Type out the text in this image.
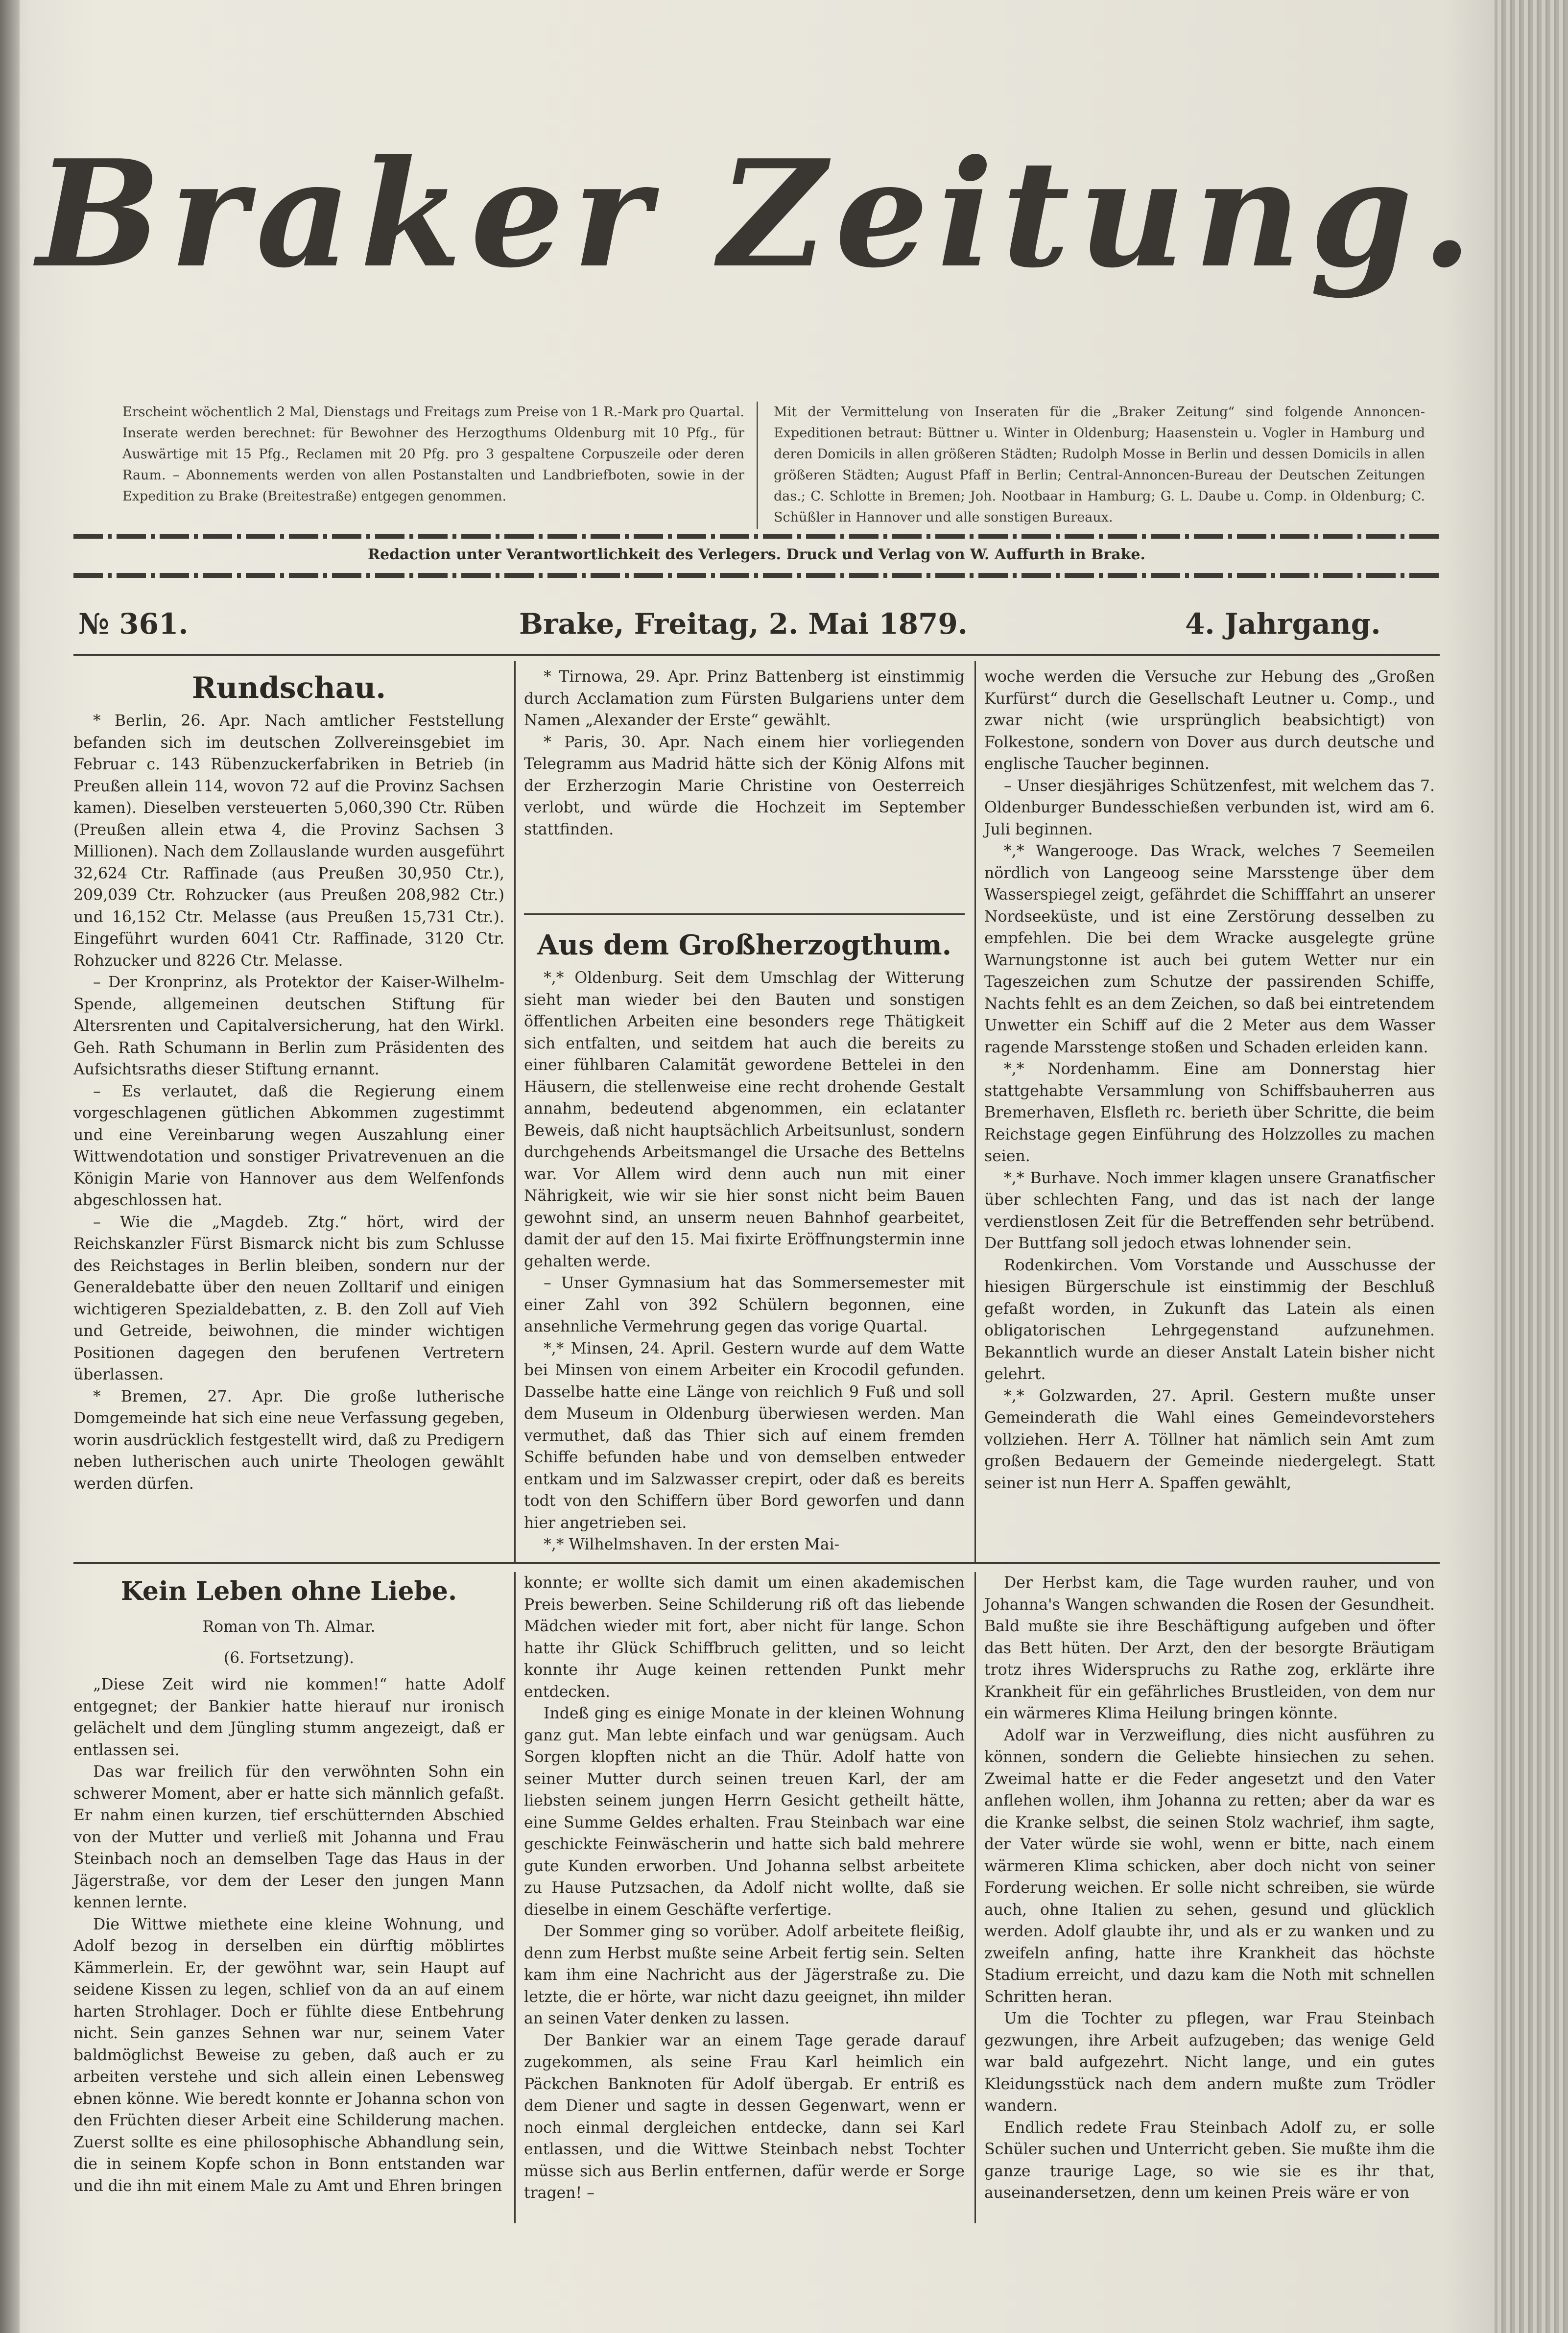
Braker Zeitung.
Erscheint wöchentlich 2 Mal, Dienstags und Freitags zum Preise von 1 R.-Mark pro Quartal. Inserate werden berechnet: für Bewohner des Herzogthums Oldenburg mit 10 Pfg., für Auswärtige mit 15 Pfg., Reclamen mit 20 Pfg. pro 3 gespaltene Corpuszeile oder deren Raum. – Abonnements werden von allen Postanstalten und Landbriefboten, sowie in der Expedition zu Brake (Breitestraße) entgegen genommen.
Mit der Vermittelung von Inseraten für die „Braker Zeitung“ sind folgende Annoncen-Expeditionen betraut: Büttner u. Winter in Oldenburg; Haasenstein u. Vogler in Hamburg und deren Domicils in allen größeren Städten; Rudolph Mosse in Berlin und dessen Domicils in allen größeren Städten; August Pfaff in Berlin; Central-Annoncen-Bureau der Deutschen Zeitungen das.; C. Schlotte in Bremen; Joh. Nootbaar in Hamburg; G. L. Daube u. Comp. in Oldenburg; C. Schüßler in Hannover und alle sonstigen Bureaux.
Redaction unter Verantwortlichkeit des Verlegers. Druck und Verlag von W. Auffurth in Brake.
№ 361.	Brake, Freitag, 2. Mai 1879.	4. Jahrgang.

Rundschau.

* Berlin, 26. Apr. Nach amtlicher Feststellung befanden sich im deutschen Zollvereinsgebiet im Februar c. 143 Rübenzuckerfabriken in Betrieb (in Preußen allein 114, wovon 72 auf die Provinz Sachsen kamen). Dieselben versteuerten 5,060,390 Ctr. Rüben (Preußen allein etwa 4, die Provinz Sachsen 3 Millionen). Nach dem Zollauslande wurden ausgeführt 32,624 Ctr. Raffinade (aus Preußen 30,950 Ctr.), 209,039 Ctr. Rohzucker (aus Preußen 208,982 Ctr.) und 16,152 Ctr. Melasse (aus Preußen 15,731 Ctr.). Eingeführt wurden 6041 Ctr. Raffinade, 3120 Ctr. Rohzucker und 8226 Ctr. Melasse.

– Der Kronprinz, als Protektor der Kaiser-Wilhelm-Spende, allgemeinen deutschen Stiftung für Altersrenten und Capitalversicherung, hat den Wirkl. Geh. Rath Schumann in Berlin zum Präsidenten des Aufsichtsraths dieser Stiftung ernannt.

– Es verlautet, daß die Regierung einem vorgeschlagenen gütlichen Abkommen zugestimmt und eine Vereinbarung wegen Auszahlung einer Wittwendotation und sonstiger Privatrevenuen an die Königin Marie von Hannover aus dem Welfenfonds abgeschlossen hat.

– Wie die „Magdeb. Ztg.“ hört, wird der Reichskanzler Fürst Bismarck nicht bis zum Schlusse des Reichstages in Berlin bleiben, sondern nur der Generaldebatte über den neuen Zolltarif und einigen wichtigeren Spezialdebatten, z. B. den Zoll auf Vieh und Getreide, beiwohnen, die minder wichtigen Positionen dagegen den berufenen Vertretern überlassen.

* Bremen, 27. Apr. Die große lutherische Domgemeinde hat sich eine neue Verfassung gegeben, worin ausdrücklich festgestellt wird, daß zu Predigern neben lutherischen auch unirte Theologen gewählt werden dürfen.

* Tirnowa, 29. Apr. Prinz Battenberg ist einstimmig durch Acclamation zum Fürsten Bulgariens unter dem Namen „Alexander der Erste“ gewählt.

* Paris, 30. Apr. Nach einem hier vorliegenden Telegramm aus Madrid hätte sich der König Alfons mit der Erzherzogin Marie Christine von Oesterreich verlobt, und würde die Hochzeit im September stattfinden.

Aus dem Großherzogthum.

*,* Oldenburg. Seit dem Umschlag der Witterung sieht man wieder bei den Bauten und sonstigen öffentlichen Arbeiten eine besonders rege Thätigkeit sich entfalten, und seitdem hat auch die bereits zu einer fühlbaren Calamität gewordene Bettelei in den Häusern, die stellenweise eine recht drohende Gestalt annahm, bedeutend abgenommen, ein eclatanter Beweis, daß nicht hauptsächlich Arbeitsunlust, sondern durchgehends Arbeitsmangel die Ursache des Bettelns war. Vor Allem wird denn auch nun mit einer Nährigkeit, wie wir sie hier sonst nicht beim Bauen gewohnt sind, an unserm neuen Bahnhof gearbeitet, damit der auf den 15. Mai fixirte Eröffnungstermin inne gehalten werde.

– Unser Gymnasium hat das Sommersemester mit einer Zahl von 392 Schülern begonnen, eine ansehnliche Vermehrung gegen das vorige Quartal.

*,* Minsen, 24. April. Gestern wurde auf dem Watte bei Minsen von einem Arbeiter ein Krocodil gefunden. Dasselbe hatte eine Länge von reichlich 9 Fuß und soll dem Museum in Oldenburg überwiesen werden. Man vermuthet, daß das Thier sich auf einem fremden Schiffe befunden habe und von demselben entweder entkam und im Salzwasser crepirt, oder daß es bereits todt von den Schiffern über Bord geworfen und dann hier angetrieben sei.

*,* Wilhelmshaven. In der ersten Mai-

woche werden die Versuche zur Hebung des „Großen Kurfürst“ durch die Gesellschaft Leutner u. Comp., und zwar nicht (wie ursprünglich beabsichtigt) von Folkestone, sondern von Dover aus durch deutsche und englische Taucher beginnen.

– Unser diesjähriges Schützenfest, mit welchem das 7. Oldenburger Bundesschießen verbunden ist, wird am 6. Juli beginnen.

*,* Wangerooge. Das Wrack, welches 7 Seemeilen nördlich von Langeoog seine Marsstenge über dem Wasserspiegel zeigt, gefährdet die Schifffahrt an unserer Nordseeküste, und ist eine Zerstörung desselben zu empfehlen. Die bei dem Wracke ausgelegte grüne Warnungstonne ist auch bei gutem Wetter nur ein Tageszeichen zum Schutze der passirenden Schiffe, Nachts fehlt es an dem Zeichen, so daß bei eintretendem Unwetter ein Schiff auf die 2 Meter aus dem Wasser ragende Marsstenge stoßen und Schaden erleiden kann.

*,* Nordenhamm. Eine am Donnerstag hier stattgehabte Versammlung von Schiffsbauherren aus Bremerhaven, Elsfleth rc. berieth über Schritte, die beim Reichstage gegen Einführung des Holzzolles zu machen seien.

*,* Burhave. Noch immer klagen unsere Granatfischer über schlechten Fang, und das ist nach der lange verdienstlosen Zeit für die Betreffenden sehr betrübend. Der Buttfang soll jedoch etwas lohnender sein.

Rodenkirchen. Vom Vorstande und Ausschusse der hiesigen Bürgerschule ist einstimmig der Beschluß gefaßt worden, in Zukunft das Latein als einen obligatorischen Lehrgegenstand aufzunehmen. Bekanntlich wurde an dieser Anstalt Latein bisher nicht gelehrt.

*,* Golzwarden, 27. April. Gestern mußte unser Gemeinderath die Wahl eines Gemeindevorstehers vollziehen. Herr A. Töllner hat nämlich sein Amt zum großen Bedauern der Gemeinde niedergelegt. Statt seiner ist nun Herr A. Spaffen gewählt,

Kein Leben ohne Liebe.

Roman von Th. Almar.

(6. Fortsetzung).

„Diese Zeit wird nie kommen!“ hatte Adolf entgegnet; der Bankier hatte hierauf nur ironisch gelächelt und dem Jüngling stumm angezeigt, daß er entlassen sei.

Das war freilich für den verwöhnten Sohn ein schwerer Moment, aber er hatte sich männlich gefaßt. Er nahm einen kurzen, tief erschütternden Abschied von der Mutter und verließ mit Johanna und Frau Steinbach noch an demselben Tage das Haus in der Jägerstraße, vor dem der Leser den jungen Mann kennen lernte.

Die Wittwe miethete eine kleine Wohnung, und Adolf bezog in derselben ein dürftig möblirtes Kämmerlein. Er, der gewöhnt war, sein Haupt auf seidene Kissen zu legen, schlief von da an auf einem harten Strohlager. Doch er fühlte diese Entbehrung nicht. Sein ganzes Sehnen war nur, seinem Vater baldmöglichst Beweise zu geben, daß auch er zu arbeiten verstehe und sich allein einen Lebensweg ebnen könne. Wie beredt konnte er Johanna schon von den Früchten dieser Arbeit eine Schilderung machen. Zuerst sollte es eine philosophische Abhandlung sein, die in seinem Kopfe schon in Bonn entstanden war und die ihn mit einem Male zu Amt und Ehren bringen

konnte; er wollte sich damit um einen akademischen Preis bewerben. Seine Schilderung riß oft das liebende Mädchen wieder mit fort, aber nicht für lange. Schon hatte ihr Glück Schiffbruch gelitten, und so leicht konnte ihr Auge keinen rettenden Punkt mehr entdecken.

Indeß ging es einige Monate in der kleinen Wohnung ganz gut. Man lebte einfach und war genügsam. Auch Sorgen klopften nicht an die Thür. Adolf hatte von seiner Mutter durch seinen treuen Karl, der am liebsten seinem jungen Herrn Gesicht getheilt hätte, eine Summe Geldes erhalten. Frau Steinbach war eine geschickte Feinwäscherin und hatte sich bald mehrere gute Kunden erworben. Und Johanna selbst arbeitete zu Hause Putzsachen, da Adolf nicht wollte, daß sie dieselbe in einem Geschäfte verfertige.

Der Sommer ging so vorüber. Adolf arbeitete fleißig, denn zum Herbst mußte seine Arbeit fertig sein. Selten kam ihm eine Nachricht aus der Jägerstraße zu. Die letzte, die er hörte, war nicht dazu geeignet, ihn milder an seinen Vater denken zu lassen.

Der Bankier war an einem Tage gerade darauf zugekommen, als seine Frau Karl heimlich ein Päckchen Banknoten für Adolf übergab. Er entriß es dem Diener und sagte in dessen Gegenwart, wenn er noch einmal dergleichen entdecke, dann sei Karl entlassen, und die Wittwe Steinbach nebst Tochter müsse sich aus Berlin entfernen, dafür werde er Sorge tragen! –

Der Herbst kam, die Tage wurden rauher, und von Johanna's Wangen schwanden die Rosen der Gesundheit. Bald mußte sie ihre Beschäftigung aufgeben und öfter das Bett hüten. Der Arzt, den der besorgte Bräutigam trotz ihres Widerspruchs zu Rathe zog, erklärte ihre Krankheit für ein gefährliches Brustleiden, von dem nur ein wärmeres Klima Heilung bringen könnte.

Adolf war in Verzweiflung, dies nicht ausführen zu können, sondern die Geliebte hinsiechen zu sehen. Zweimal hatte er die Feder angesetzt und den Vater anflehen wollen, ihm Johanna zu retten; aber da war es die Kranke selbst, die seinen Stolz wachrief, ihm sagte, der Vater würde sie wohl, wenn er bitte, nach einem wärmeren Klima schicken, aber doch nicht von seiner Forderung weichen. Er solle nicht schreiben, sie würde auch, ohne Italien zu sehen, gesund und glücklich werden. Adolf glaubte ihr, und als er zu wanken und zu zweifeln anfing, hatte ihre Krankheit das höchste Stadium erreicht, und dazu kam die Noth mit schnellen Schritten heran.

Um die Tochter zu pflegen, war Frau Steinbach gezwungen, ihre Arbeit aufzugeben; das wenige Geld war bald aufgezehrt. Nicht lange, und ein gutes Kleidungsstück nach dem andern mußte zum Trödler wandern.

Endlich redete Frau Steinbach Adolf zu, er solle Schüler suchen und Unterricht geben. Sie mußte ihm die ganze traurige Lage, so wie sie es ihr that, auseinandersetzen, denn um keinen Preis wäre er von
